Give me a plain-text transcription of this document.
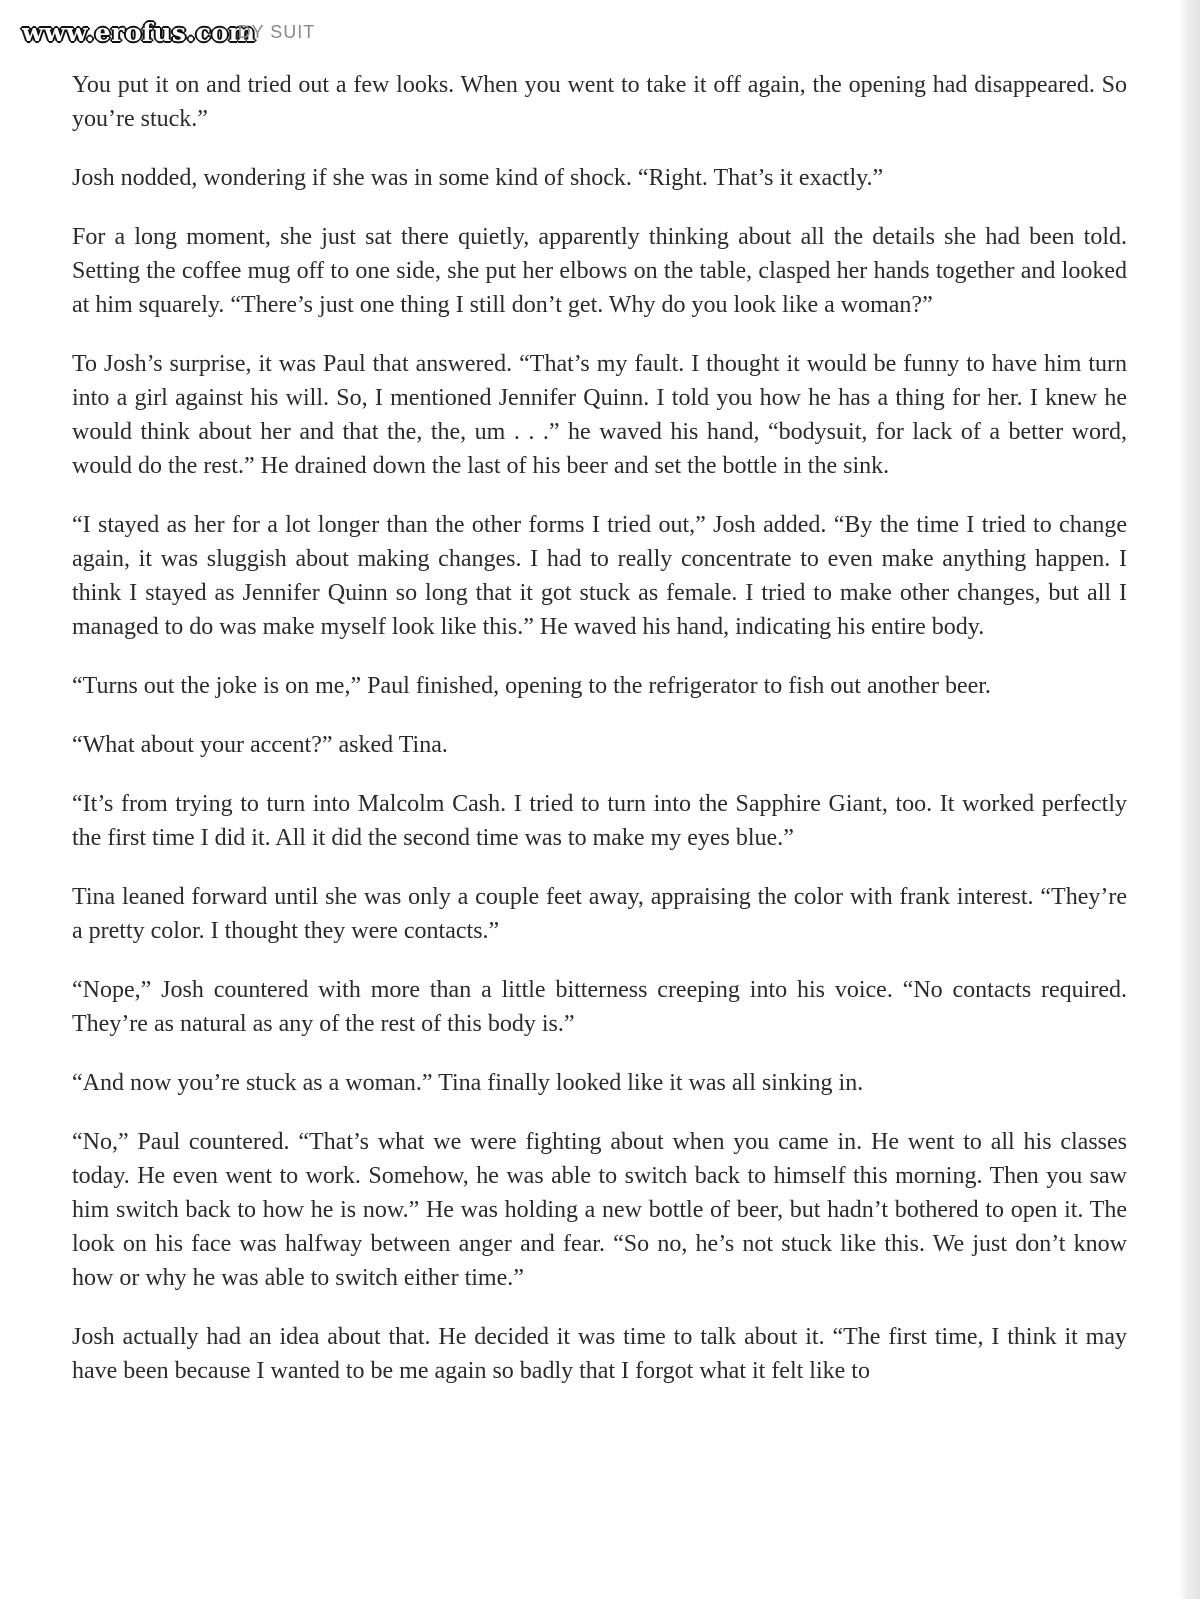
www.erofus.com
DY SUIT

You put it on and tried out a few looks. When you went to take it off again, the opening had disappeared. So you’re stuck.”

Josh nodded, wondering if she was in some kind of shock. “Right. That’s it exactly.”

For a long moment, she just sat there quietly, apparently thinking about all the details she had been told. Setting the coffee mug off to one side, she put her elbows on the table, clasped her hands together and looked at him squarely. “There’s just one thing I still don’t get. Why do you look like a woman?”

To Josh’s surprise, it was Paul that answered. “That’s my fault. I thought it would be funny to have him turn into a girl against his will. So, I mentioned Jennifer Quinn. I told you how he has a thing for her. I knew he would think about her and that the, the, um . . .” he waved his hand, “bodysuit, for lack of a better word, would do the rest.” He drained down the last of his beer and set the bottle in the sink.

“I stayed as her for a lot longer than the other forms I tried out,” Josh added. “By the time I tried to change again, it was sluggish about making changes. I had to really concentrate to even make anything happen. I think I stayed as Jennifer Quinn so long that it got stuck as female. I tried to make other changes, but all I managed to do was make myself look like this.” He waved his hand, indicating his entire body.

“Turns out the joke is on me,” Paul finished, opening to the refrigerator to fish out another beer.

“What about your accent?” asked Tina.

“It’s from trying to turn into Malcolm Cash. I tried to turn into the Sapphire Giant, too. It worked perfectly the first time I did it. All it did the second time was to make my eyes blue.”

Tina leaned forward until she was only a couple feet away, appraising the color with frank interest. “They’re a pretty color. I thought they were contacts.”

“Nope,” Josh countered with more than a little bitterness creeping into his voice. “No contacts required. They’re as natural as any of the rest of this body is.”

“And now you’re stuck as a woman.” Tina finally looked like it was all sinking in.

“No,” Paul countered. “That’s what we were fighting about when you came in. He went to all his classes today. He even went to work. Somehow, he was able to switch back to himself this morning. Then you saw him switch back to how he is now.” He was holding a new bottle of beer, but hadn’t bothered to open it. The look on his face was halfway between anger and fear. “So no, he’s not stuck like this. We just don’t know how or why he was able to switch either time.”

Josh actually had an idea about that. He decided it was time to talk about it. “The first time, I think it may have been because I wanted to be me again so badly that I forgot what it felt like to
